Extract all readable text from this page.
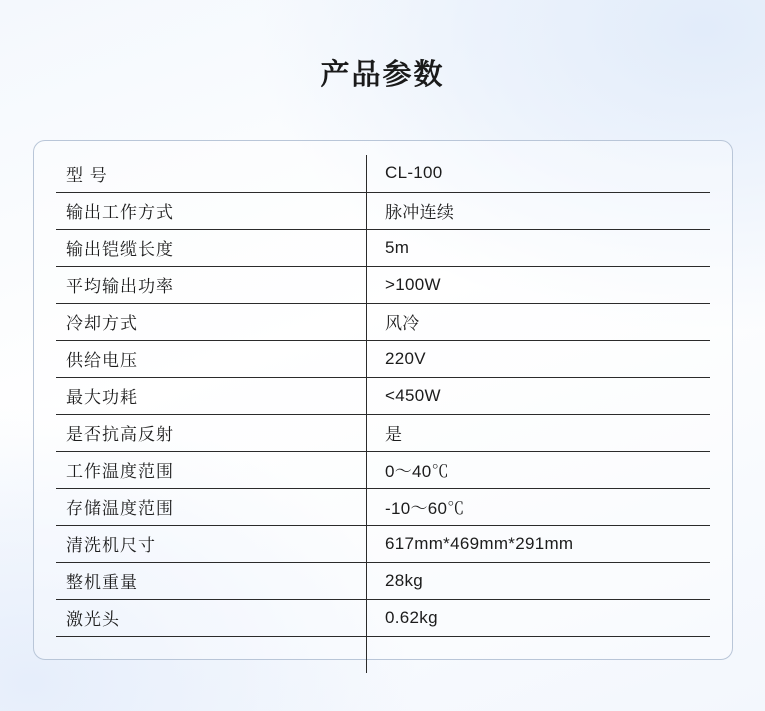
产品参数
型 号	CL-100
输出工作方式	脉冲连续
输出铠缆长度	5m
平均输出功率	>100W
冷却方式	风冷
供给电压	220V
最大功耗	<450W
是否抗高反射	是
工作温度范围	0～40℃
存储温度范围	-10～60℃
清洗机尺寸	617mm*469mm*291mm
整机重量	28kg
激光头	0.62kg
